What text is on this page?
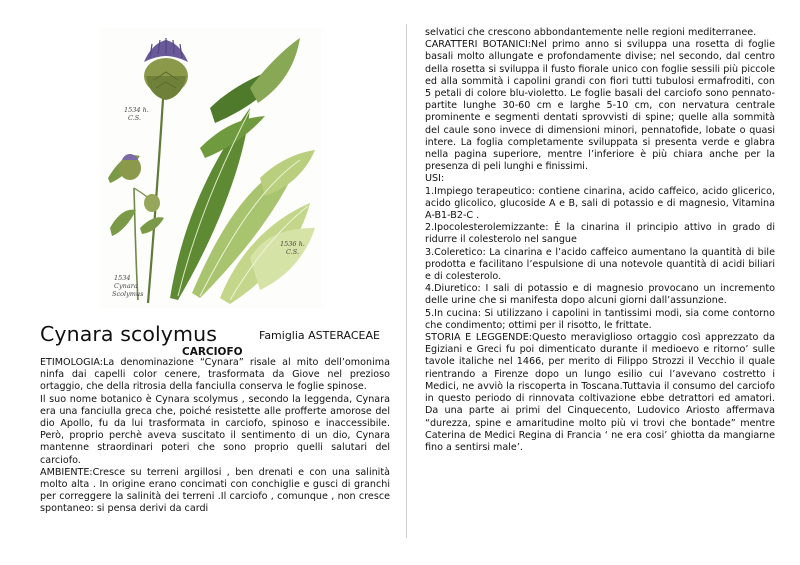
1534 h.
C.S.
1536 h.
C.S.
1534
Cynara
Scolymus
Cynara scolymus	Famiglia ASTERACEAE
CARCIOFO

ETIMOLOGIA:La denominazione “Cynara” risale al mito dell’omonima ninfa dai capelli color cenere, trasformata da Giove nel prezioso ortaggio, che della ritrosia della fanciulla conserva le foglie spinose.

Il suo nome botanico è Cynara scolymus , secondo la leggenda, Cynara era una fanciulla greca che, poiché resistette alle profferte amorose del dio Apollo, fu da lui trasformata in carciofo, spinoso e inaccessibile. Però, proprio perchè aveva suscitato il sentimento di un dio, Cynara mantenne straordinari poteri che sono proprio quelli salutari del carciofo.

AMBIENTE:Cresce su terreni argillosi , ben drenati e con una salinità molto alta . In origine erano concimati con conchiglie e gusci di granchi per correggere la salinità dei terreni .Il carciofo , comunque , non cresce spontaneo: si pensa derivi da cardi

selvatici che crescono abbondantemente nelle regioni mediterranee.

CARATTERI BOTANICI:Nel primo anno si sviluppa una rosetta di foglie basali molto allungate e profondamente divise; nel secondo, dal centro della rosetta si sviluppa il fusto fiorale unico con foglie sessili più piccole ed alla sommità i capolini grandi con fiori tutti tubulosi ermafroditi, con 5 petali di colore blu-violetto. Le foglie basali del carciofo sono pennato-partite lunghe 30-60 cm e larghe 5-10 cm, con nervatura centrale prominente e segmenti dentati sprovvisti di spine; quelle alla sommità del caule sono invece di dimensioni minori, pennatofide, lobate o quasi intere. La foglia completamente sviluppata si presenta verde e glabra nella pagina superiore, mentre l’inferiore è più chiara anche per la presenza di peli lunghi e finissimi.

USI:

1.Impiego terapeutico: contiene cinarina, acido caffeico, acido glicerico, acido glicolico, glucoside A e B, sali di potassio e di magnesio, Vitamina A-B1-B2-C .

2.Ipocolesterolemizzante: È la cinarina il principio attivo in grado di ridurre il colesterolo nel sangue

3.Coleretico: La cinarina e l’acido caffeico aumentano la quantità di bile prodotta e facilitano l’espulsione di una notevole quantità di acidi biliari e di colesterolo.

4.Diuretico: I sali di potassio e di magnesio provocano un incremento delle urine che si manifesta dopo alcuni giorni dall’assunzione.

5.In cucina: Si utilizzano i capolini in tantissimi modi, sia come contorno che condimento; ottimi per il risotto, le frittate.

STORIA E LEGGENDE:Questo meraviglioso ortaggio così apprezzato da Egiziani e Greci fu poi dimenticato durante il medioevo e ritorno’ sulle tavole italiche nel 1466, per merito di Filippo Strozzi il Vecchio il quale rientrando a Firenze dopo un lungo esilio cui l’avevano costretto i Medici, ne avviò la riscoperta in Toscana.Tuttavia il consumo del carciofo in questo periodo di rinnovata coltivazione ebbe detrattori ed amatori. Da una parte ai primi del Cinquecento, Ludovico Ariosto affermava “durezza, spine e amaritudine molto più vi trovi che bontade” mentre Caterina de Medici Regina di Francia ‘ ne era cosi’ ghiotta da mangiarne fino a sentirsi male’.
